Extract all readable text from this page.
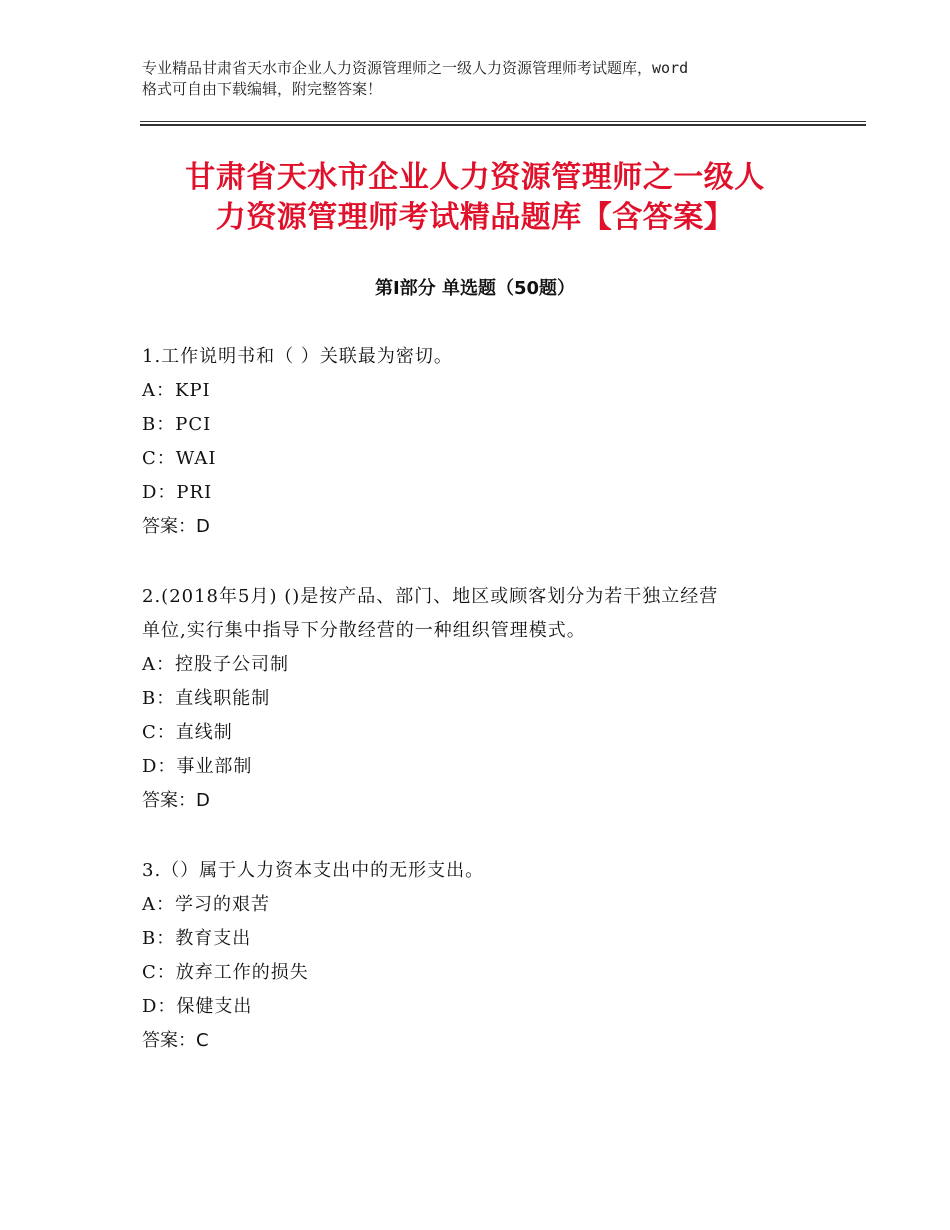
专业精品甘肃省天水市企业人力资源管理师之一级人力资源管理师考试题库，word
格式可自由下载编辑，附完整答案！
甘肃省天水市企业人力资源管理师之一级人
力资源管理师考试精品题库【含答案】
第Ⅰ部分 单选题（50题）
1.工作说明书和（ ）关联最为密切。
A：KPI
B：PCI
C：WAI
D：PRI
答案：D
2.(2018年5月) ()是按产品、部门、地区或顾客划分为若干独立经营
单位,实行集中指导下分散经营的一种组织管理模式。
A：控股子公司制
B：直线职能制
C：直线制
D：事业部制
答案：D
3.（）属于人力资本支出中的无形支出。
A：学习的艰苦
B：教育支出
C：放弃工作的损失
D：保健支出
答案：C
